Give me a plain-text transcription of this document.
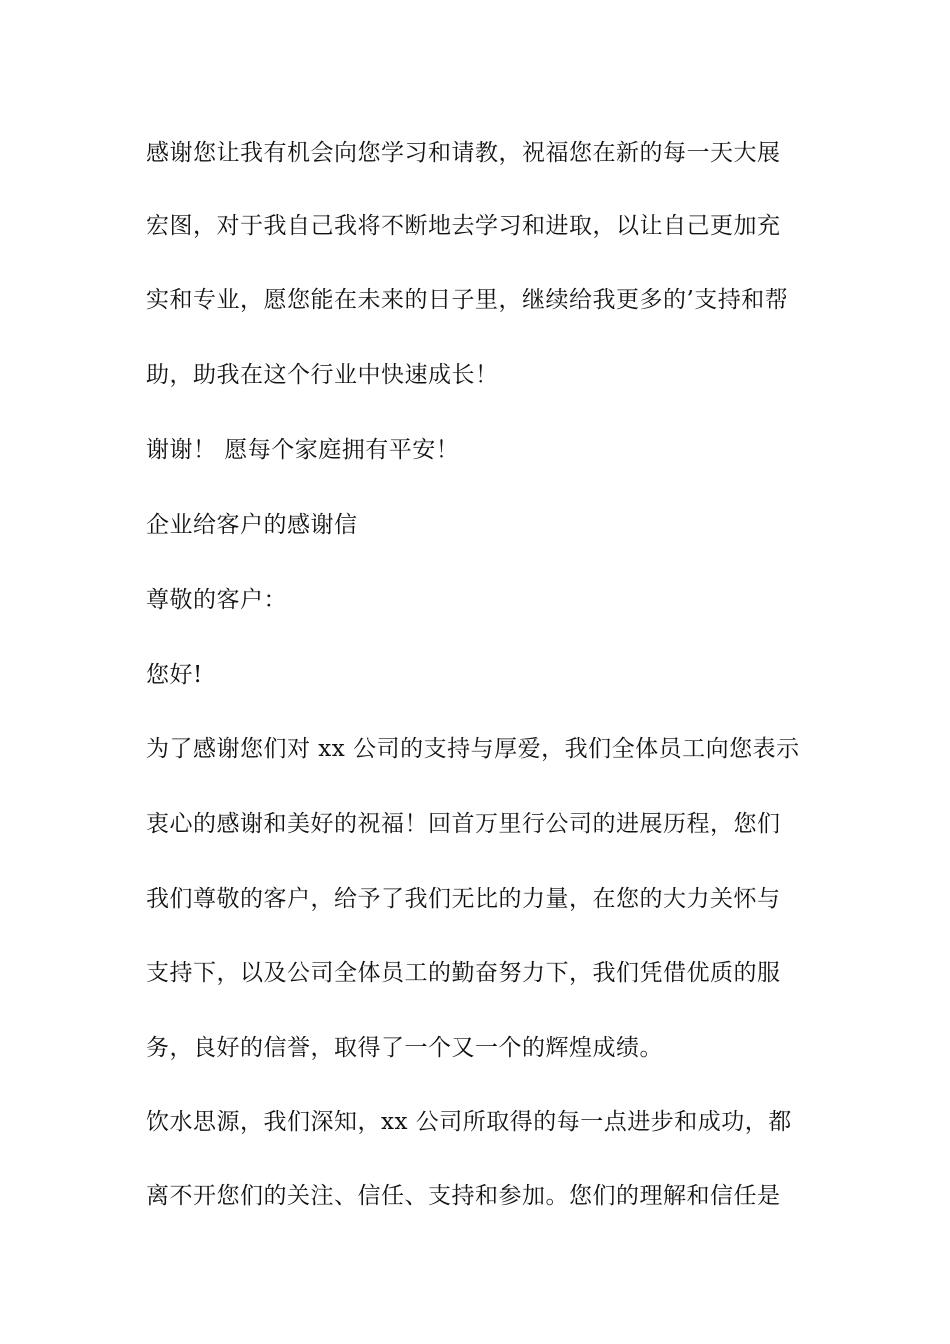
感谢您让我有机会向您学习和请教，祝福您在新的每一天大展
宏图，对于我自己我将不断地去学习和进取，以让自己更加充
实和专业，愿您能在未来的日子里，继续给我更多的’支持和帮
助，助我在这个行业中快速成长！
谢谢！ 愿每个家庭拥有平安！
企业给客户的感谢信
尊敬的客户：
您好!
为了感谢您们对 xx 公司的支持与厚爱，我们全体员工向您表示
衷心的感谢和美好的祝福！回首万里行公司的进展历程，您们
我们尊敬的客户，给予了我们无比的力量，在您的大力关怀与
支持下，以及公司全体员工的勤奋努力下，我们凭借优质的服
务，良好的信誉，取得了一个又一个的辉煌成绩。
饮水思源，我们深知，xx 公司所取得的每一点进步和成功，都
离不开您们的关注、信任、支持和参加。您们的理解和信任是
